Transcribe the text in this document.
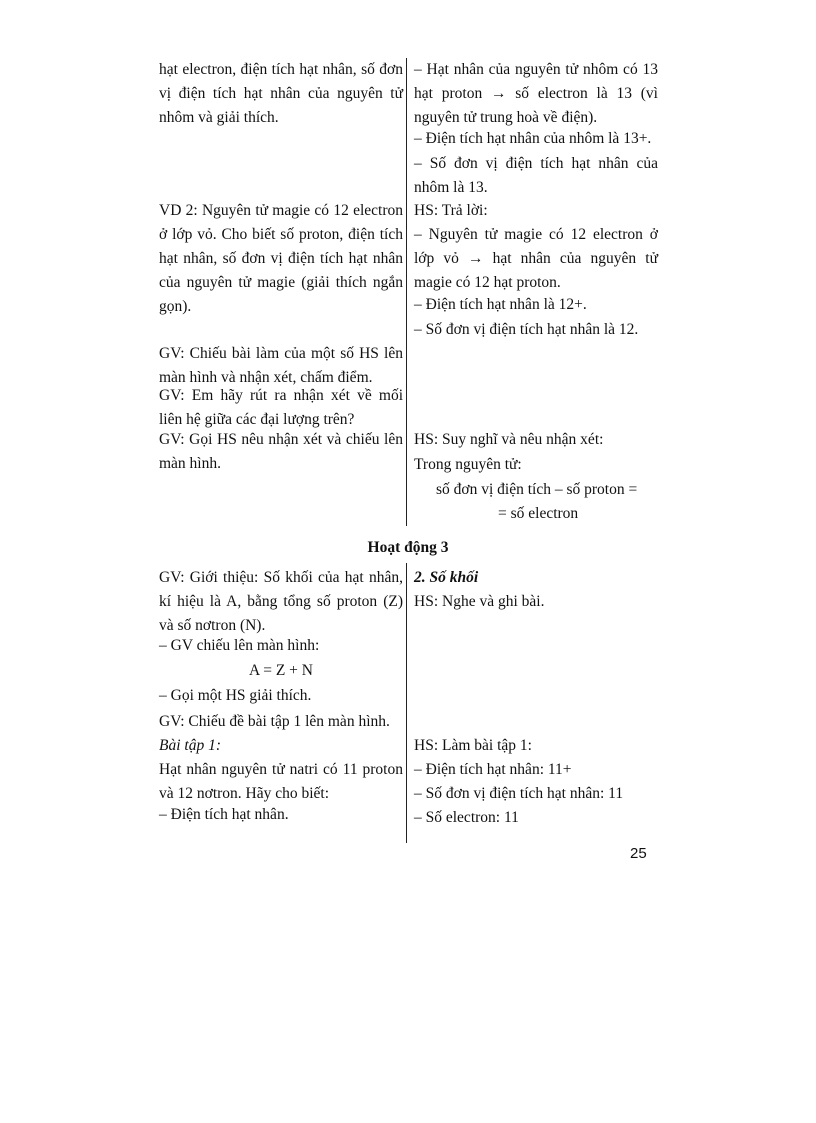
hạt electron, điện tích hạt nhân, số đơn vị điện tích hạt nhân của nguyên tử nhôm và giải thích.

VD 2: Nguyên tử magie có 12 electron ở lớp vỏ. Cho biết số proton, điện tích hạt nhân, số đơn vị điện tích hạt nhân của nguyên tử magie (giải thích ngắn gọn).

GV: Chiếu bài làm của một số HS lên màn hình và nhận xét, chấm điểm.

GV: Em hãy rút ra nhận xét về mối liên hệ giữa các đại lượng trên?

GV: Gọi HS nêu nhận xét và chiếu lên màn hình.

– Hạt nhân của nguyên tử nhôm có 13 hạt proton → số electron là 13 (vì nguyên tử trung hoà về điện).

– Điện tích hạt nhân của nhôm là 13+.

– Số đơn vị điện tích hạt nhân của nhôm là 13.

HS: Trả lời:

– Nguyên tử magie có 12 electron ở lớp vỏ → hạt nhân của nguyên tử magie có 12 hạt proton.

– Điện tích hạt nhân là 12+.

– Số đơn vị điện tích hạt nhân là 12.

HS: Suy nghĩ và nêu nhận xét:

Trong nguyên tử:

số đơn vị điện tích – số proton =

= số electron

Hoạt động 3

GV: Giới thiệu: Số khối của hạt nhân, kí hiệu là A, bằng tổng số proton (Z) và số nơtron (N).

– GV chiếu lên màn hình:

A = Z + N

– Gọi một HS giải thích.

GV: Chiếu đề bài tập 1 lên màn hình.

Bài tập 1:

Hạt nhân nguyên tử natri có 11 proton và 12 nơtron. Hãy cho biết:

– Điện tích hạt nhân.

2. Số khối

HS: Nghe và ghi bài.

HS: Làm bài tập 1:

– Điện tích hạt nhân: 11+

– Số đơn vị điện tích hạt nhân: 11

– Số electron: 11

25
